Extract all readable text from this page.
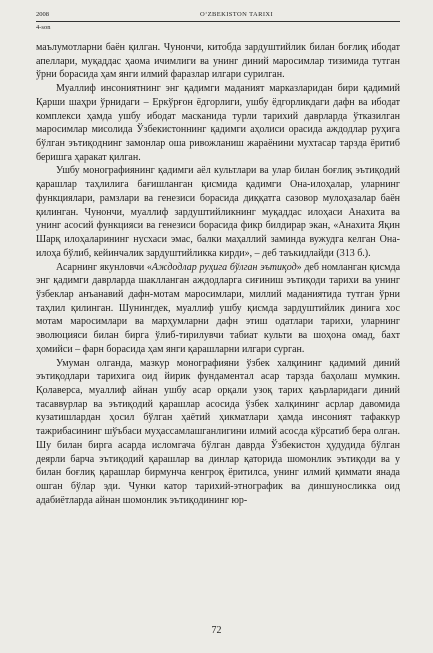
2008	O‘ZBEKISTON TARIXI
4-son

маълумотларни баён қилган. Чунончи, китобда зардуштийлик билан боғлиқ ибодат апеллари, муқаддас ҳаома ичимлиги ва унинг диний маросимлар тизимида тутган ўрни борасида ҳам янги илмий фаразлар илгари сурилган.

Муаллиф инсониятнинг энг қадимги маданият марказларидан бири қадимий Қарши шаҳри ўрнидаги – Еркўрғон ёдгорлиги, ушбу ёдгорликдаги дафн ва ибодат комплекси ҳамда ушбу ибодат масканида турли тарихий даврларда ўтказилган маросимлар мисолида Ўзбекистоннинг қадимги аҳолиси орасида аждодлар руҳига бўлган эътиқоднинг замонлар оша ривожланиш жараёнини мухтасар тарзда ёритиб беришга ҳаракат қилган.

Ушбу монографиянинг қадимги аёл культлари ва улар билан боғлиқ эътиқодий қарашлар таҳлилига бағишланган қисмида қадимги Она-илоҳалар, уларнинг функциялари, рамзлари ва генезиси борасида диққатга сазовор мулоҳазалар баён қилинган. Чунончи, муаллиф зардуштийликнинг муқаддас илоҳаси Анахита ва унинг асосий функцияси ва генезиси борасида фикр билдирар экан, «Анахита Яқин Шарқ илоҳаларининг нусхаси эмас, балки маҳаллий заминда вужудга келган Она-илоҳа бўлиб, кейинчалик зардуштийликка кирди», – деб таъкидлайди (313 б.).

Асарнинг якунловчи «Аждодлар руҳига бўлган эътиқод» деб номланган қисмда энг қадимги даврларда шаклланган аждодларга сиғиниш эътиқоди тарихи ва унинг ўзбеклар анъанавий дафн-мотам маросимлари, миллий маданиятида тутган ўрни таҳлил қилинган. Шунингдек, муаллиф ушбу қисмда зардуштийлик динига хос мотам маросимлари ва марҳумларни дафн этиш одатлари тарихи, уларнинг эволюцияси билан бирга ўлиб-тирилувчи табиат культи ва шоҳона омад, бахт ҳомийси – фарн борасида ҳам янги қарашларни илгари сурган.

Умуман олганда, мазкур монографияни ўзбек халқининг қадимий диний эътиқодлари тарихига оид йирик фундаментал асар тарзда баҳолаш мумкин. Қолаверса, муаллиф айнан ушбу асар орқали узоқ тарих қаърларидаги диний тасаввурлар ва эътиқодий қарашлар асосида ўзбек халқининг асрлар давомида кузатишлардан ҳосил бўлган ҳаётий ҳикматлари ҳамда инсоният тафаккур тажрибасининг шўъбаси муҳассамлашганлигини илмий асосда кўрсатиб бера олган. Шу билан бирга асарда исломгача бўлган даврда Ўзбекистон ҳудудида бўлган деярли барча эътиқодий қарашлар ва динлар қаторида шомонлик эътиқоди ва у билан боғлиқ қарашлар бирмунча кенгроқ ёритилса, унинг илмий қиммати янада ошган бўлар эди. Чунки катор тарихий-этнографик ва диншуносликка оид адабиётларда айнан шомонлик эътиқодининг юр-

72
